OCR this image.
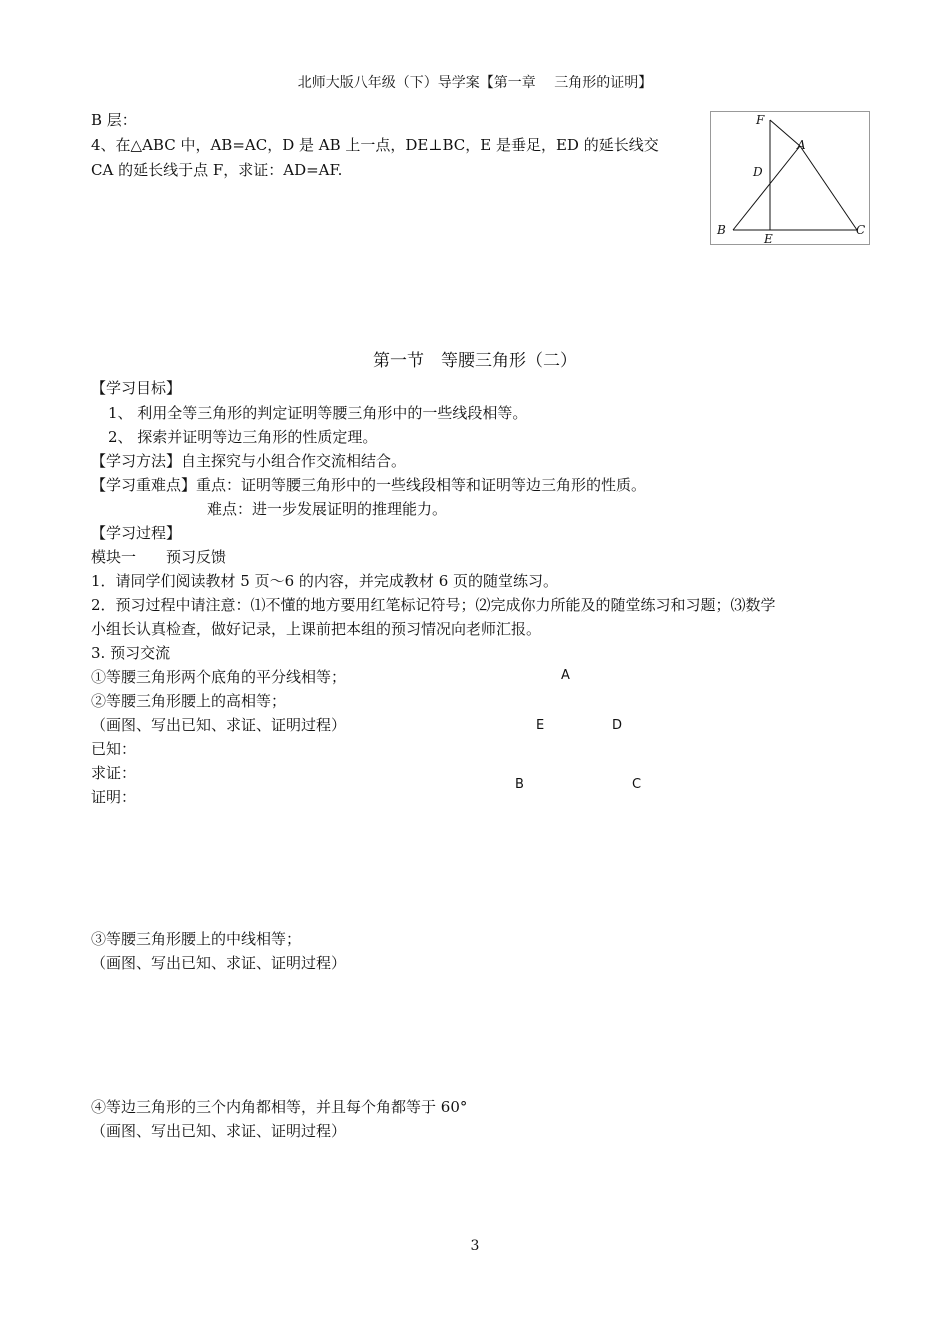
北师大版八年级（下）导学案【第一章　 三角形的证明】
B 层：
4、在△ABC 中，AB=AC，D 是 AB 上一点，DE⊥BC，E 是垂足，ED 的延长线交
CA 的延长线于点 F，求证：AD=AF.
F
A
D
B
E
C
第一节　等腰三角形（二）
【学习目标】
1、 利用全等三角形的判定证明等腰三角形中的一些线段相等。
2、 探索并证明等边三角形的性质定理。
【学习方法】自主探究与小组合作交流相结合。
【学习重难点】重点：证明等腰三角形中的一些线段相等和证明等边三角形的性质。
难点：进一步发展证明的推理能力。
【学习过程】
模块一　　预习反馈
1．请同学们阅读教材 5 页～6 的内容，并完成教材 6 页的随堂练习。
2．预习过程中请注意：⑴不懂的地方要用红笔标记符号；⑵完成你力所能及的随堂练习和习题；⑶数学
小组长认真检查，做好记录，上课前把本组的预习情况向老师汇报。
3. 预习交流
①等腰三角形两个底角的平分线相等；
②等腰三角形腰上的高相等；
（画图、写出已知、求证、证明过程）
已知：
求证：
证明：
A
E	D
B	C
③等腰三角形腰上的中线相等；
（画图、写出已知、求证、证明过程）
④等边三角形的三个内角都相等，并且每个角都等于 60°
（画图、写出已知、求证、证明过程）
3
